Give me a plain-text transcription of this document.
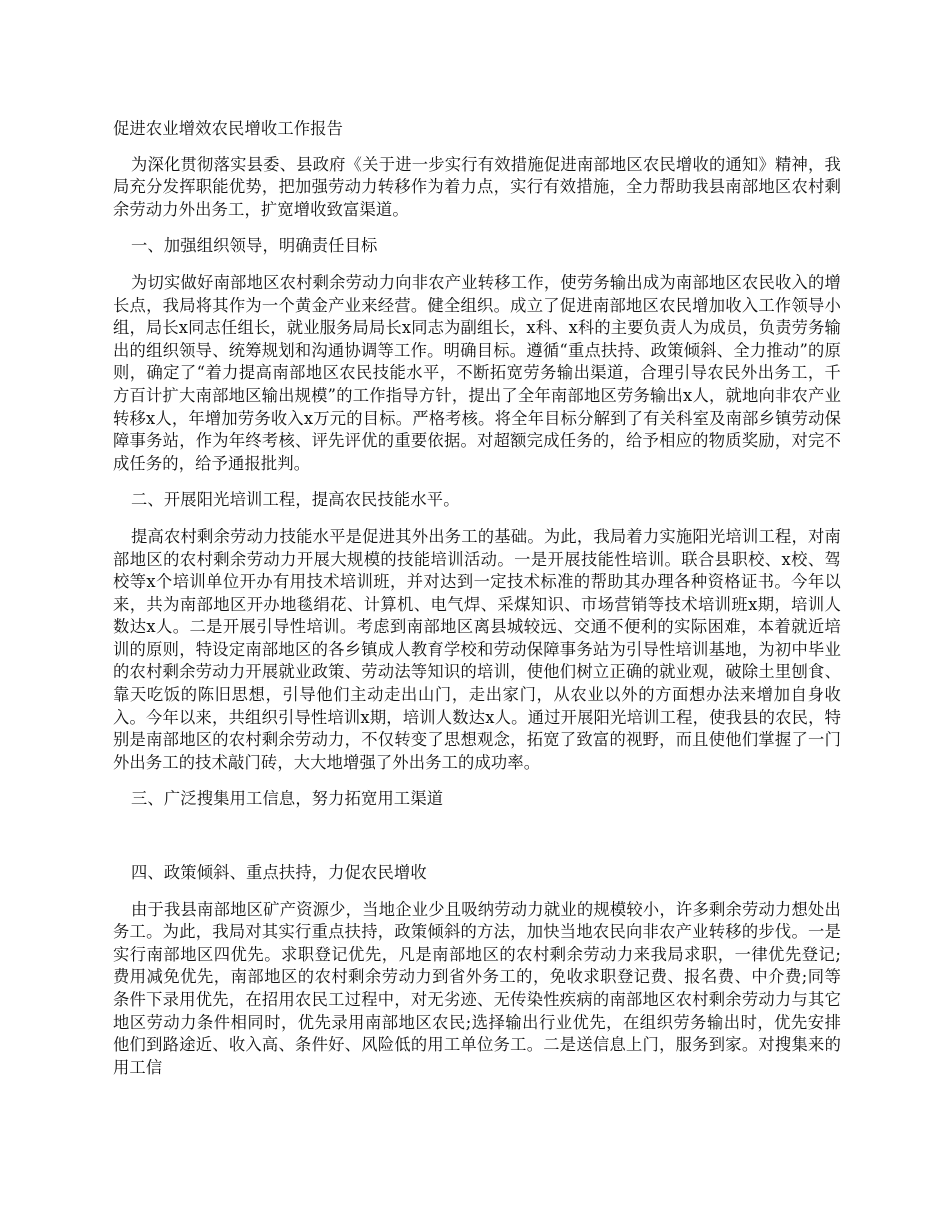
促进农业增效农民增收工作报告
为深化贯彻落实县委、县政府《关于进一步实行有效措施促进南部地区农民增收的通知》精神，我局充分发挥职能优势，把加强劳动力转移作为着力点，实行有效措施，全力帮助我县南部地区农村剩余劳动力外出务工，扩宽增收致富渠道。
一、加强组织领导，明确责任目标
为切实做好南部地区农村剩余劳动力向非农产业转移工作，使劳务输出成为南部地区农民收入的增长点，我局将其作为一个黄金产业来经营。健全组织。成立了促进南部地区农民增加收入工作领导小组，局长x同志任组长，就业服务局局长x同志为副组长，x科、x科的主要负责人为成员，负责劳务输出的组织领导、统筹规划和沟通协调等工作。明确目标。遵循“重点扶持、政策倾斜、全力推动”的原则，确定了“着力提高南部地区农民技能水平，不断拓宽劳务输出渠道，合理引导农民外出务工，千方百计扩大南部地区输出规模”的工作指导方针，提出了全年南部地区劳务输出x人，就地向非农产业转移x人，年增加劳务收入x万元的目标。严格考核。将全年目标分解到了有关科室及南部乡镇劳动保障事务站，作为年终考核、评先评优的重要依据。对超额完成任务的，给予相应的物质奖励，对完不成任务的，给予通报批判。
二、开展阳光培训工程，提高农民技能水平。
提高农村剩余劳动力技能水平是促进其外出务工的基础。为此，我局着力实施阳光培训工程，对南部地区的农村剩余劳动力开展大规模的技能培训活动。一是开展技能性培训。联合县职校、x校、驾校等x个培训单位开办有用技术培训班，并对达到一定技术标准的帮助其办理各种资格证书。今年以来，共为南部地区开办地毯绢花、计算机、电气焊、采煤知识、市场营销等技术培训班x期，培训人数达x人。二是开展引导性培训。考虑到南部地区离县城较远、交通不便利的实际困难，本着就近培训的原则，特设定南部地区的各乡镇成人教育学校和劳动保障事务站为引导性培训基地，为初中毕业的农村剩余劳动力开展就业政策、劳动法等知识的培训，使他们树立正确的就业观，破除土里刨食、靠天吃饭的陈旧思想，引导他们主动走出山门，走出家门，从农业以外的方面想办法来增加自身收入。今年以来，共组织引导性培训x期，培训人数达x人。通过开展阳光培训工程，使我县的农民，特别是南部地区的农村剩余劳动力，不仅转变了思想观念，拓宽了致富的视野，而且使他们掌握了一门外出务工的技术敲门砖，大大地增强了外出务工的成功率。
三、广泛搜集用工信息，努力拓宽用工渠道
四、政策倾斜、重点扶持，力促农民增收
由于我县南部地区矿产资源少，当地企业少且吸纳劳动力就业的规模较小，许多剩余劳动力想处出务工。为此，我局对其实行重点扶持，政策倾斜的方法，加快当地农民向非农产业转移的步伐。一是实行南部地区四优先。求职登记优先，凡是南部地区的农村剩余劳动力来我局求职，一律优先登记;费用减免优先，南部地区的农村剩余劳动力到省外务工的，免收求职登记费、报名费、中介费;同等条件下录用优先，在招用农民工过程中，对无劣迹、无传染性疾病的南部地区农村剩余劳动力与其它地区劳动力条件相同时，优先录用南部地区农民;选择输出行业优先，在组织劳务输出时，优先安排他们到路途近、收入高、条件好、风险低的用工单位务工。二是送信息上门，服务到家。对搜集来的用工信
